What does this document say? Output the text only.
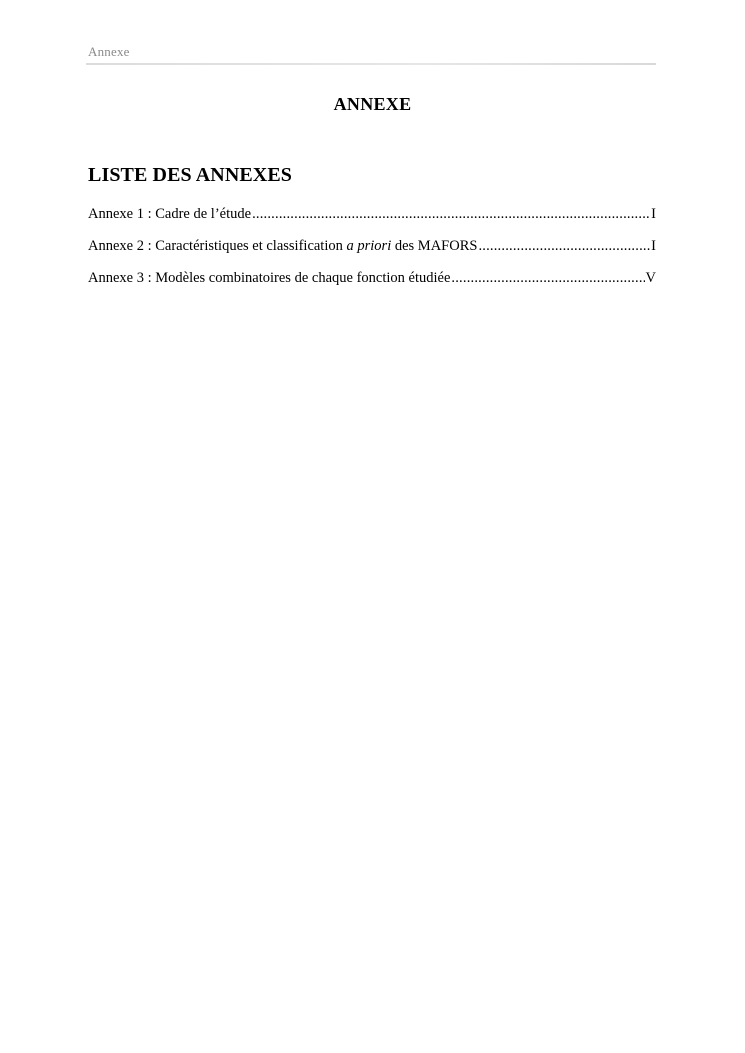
Annexe
ANNEXE
LISTE DES ANNEXES
Annexe 1 : Cadre de l’étude .....	I
Annexe 2 : Caractéristiques et classification a priori des MAFORS .....	I
Annexe 3 : Modèles combinatoires de chaque fonction étudiée .....	V
